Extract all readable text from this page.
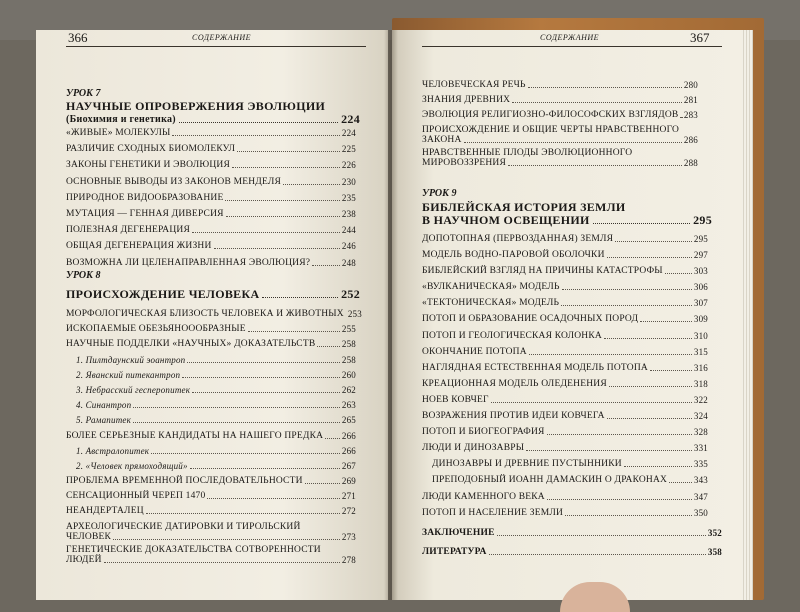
366	СОДЕРЖАНИЕ	СОДЕРЖАНИЕ	367
УРОК 7
НАУЧНЫЕ ОПРОВЕРЖЕНИЯ ЭВОЛЮЦИИ
(Биохимия и генетика)	224
«ЖИВЫЕ» МОЛЕКУЛЫ	224
РАЗЛИЧИЕ СХОДНЫХ БИОМОЛЕКУЛ	225
ЗАКОНЫ ГЕНЕТИКИ И ЭВОЛЮЦИЯ	226
ОСНОВНЫЕ ВЫВОДЫ ИЗ ЗАКОНОВ МЕНДЕЛЯ	230
ПРИРОДНОЕ ВИДООБРАЗОВАНИЕ	235
МУТАЦИЯ — ГЕННАЯ ДИВЕРСИЯ	238
ПОЛЕЗНАЯ ДЕГЕНЕРАЦИЯ	244
ОБЩАЯ ДЕГЕНЕРАЦИЯ ЖИЗНИ	246
ВОЗМОЖНА ЛИ ЦЕЛЕНАПРАВЛЕННАЯ ЭВОЛЮЦИЯ?	248
УРОК 8
ПРОИСХОЖДЕНИЕ ЧЕЛОВЕКА	252
МОРФОЛОГИЧЕСКАЯ БЛИЗОСТЬ ЧЕЛОВЕКА И ЖИВОТНЫХ 253
ИСКОПАЕМЫЕ ОБЕЗЬЯНОООБРАЗНЫЕ	255
НАУЧНЫЕ ПОДДЕЛКИ «НАУЧНЫХ» ДОКАЗАТЕЛЬСТВ	258
1. Пилтдаунский эоантроп	258
2. Яванский питекантроп	260
3. Небрасский гесперопитек	262
4. Синантроп	263
5. Рамапитек	265
БОЛЕЕ СЕРЬЕЗНЫЕ КАНДИДАТЫ НА НАШЕГО ПРЕДКА 266
1. Австралопитек	266
2. «Человек прямоходящий»	267
ПРОБЛЕМА ВРЕМЕННОЙ ПОСЛЕДОВАТЕЛЬНОСТИ	269
СЕНСАЦИОННЫЙ ЧЕРЕП 1470	271
НЕАНДЕРТАЛЕЦ	272
АРХЕОЛОГИЧЕСКИЕ ДАТИРОВКИ И ТИРОЛЬСКИЙ
ЧЕЛОВЕК	273
ГЕНЕТИЧЕСКИЕ ДОКАЗАТЕЛЬСТВА СОТВОРЕННОСТИ
ЛЮДЕЙ	278
ЧЕЛОВЕЧЕСКАЯ РЕЧЬ	280
ЗНАНИЯ ДРЕВНИХ	281
ЭВОЛЮЦИЯ РЕЛИГИОЗНО-ФИЛОСОФСКИХ ВЗГЛЯДОВ 283
ПРОИСХОЖДЕНИЕ И ОБЩИЕ ЧЕРТЫ НРАВСТВЕННОГО
ЗАКОНА	286
НРАВСТВЕННЫЕ ПЛОДЫ ЭВОЛЮЦИОННОГО
МИРОВОЗЗРЕНИЯ	288
УРОК 9
БИБЛЕЙСКАЯ ИСТОРИЯ ЗЕМЛИ
В НАУЧНОМ ОСВЕЩЕНИИ	295
ДОПОТОПНАЯ (ПЕРВОЗДАННАЯ) ЗЕМЛЯ	295
МОДЕЛЬ ВОДНО-ПАРОВОЙ ОБОЛОЧКИ	297
БИБЛЕЙСКИЙ ВЗГЛЯД НА ПРИЧИНЫ КАТАСТРОФЫ	303
«ВУЛКАНИЧЕСКАЯ» МОДЕЛЬ	306
«ТЕКТОНИЧЕСКАЯ» МОДЕЛЬ	307
ПОТОП И ОБРАЗОВАНИЕ ОСАДОЧНЫХ ПОРОД	309
ПОТОП И ГЕОЛОГИЧЕСКАЯ КОЛОНКА	310
ОКОНЧАНИЕ ПОТОПА	315
НАГЛЯДНАЯ ЕСТЕСТВЕННАЯ МОДЕЛЬ ПОТОПА	316
КРЕАЦИОННАЯ МОДЕЛЬ ОЛЕДЕНЕНИЯ	318
НОЕВ КОВЧЕГ	322
ВОЗРАЖЕНИЯ ПРОТИВ ИДЕИ КОВЧЕГА	324
ПОТОП И БИОГЕОГРАФИЯ	328
ЛЮДИ И ДИНОЗАВРЫ	331
ДИНОЗАВРЫ И ДРЕВНИЕ ПУСТЫННИКИ	335
ПРЕПОДОБНЫЙ ИОАНН ДАМАСКИН О ДРАКОНАХ	343
ЛЮДИ КАМЕННОГО ВЕКА	347
ПОТОП И НАСЕЛЕНИЕ ЗЕМЛИ	350
ЗАКЛЮЧЕНИЕ	352
ЛИТЕРАТУРА	358
